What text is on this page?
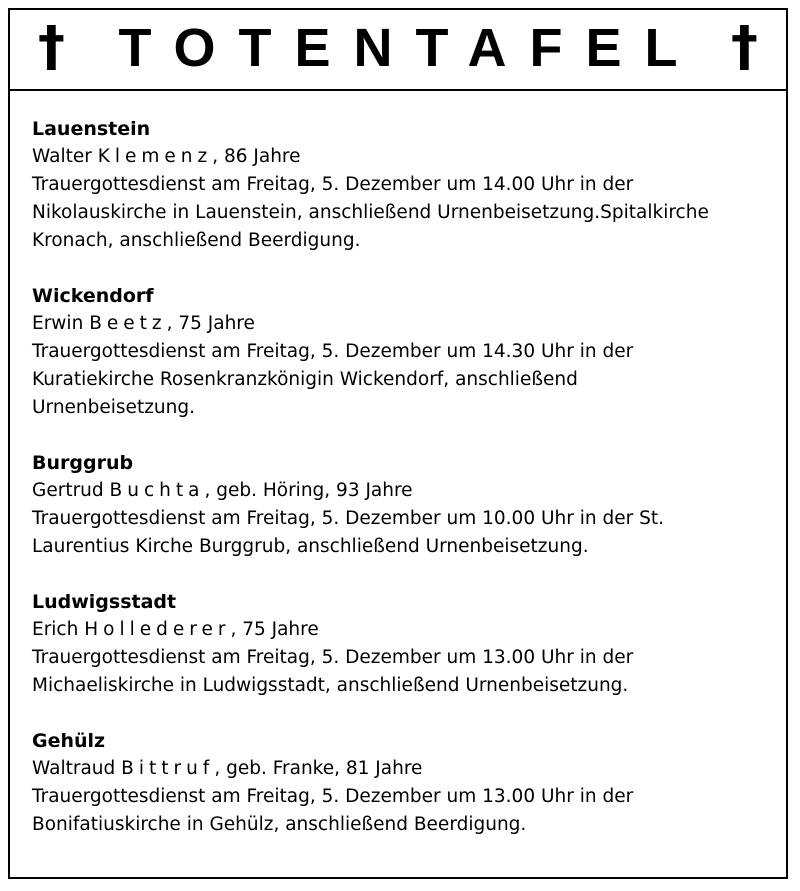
† TOTENTAFEL †
Lauenstein
Walter Klemenz, 86 Jahre
Trauergottesdienst am Freitag, 5. Dezember um 14.00 Uhr in der
Nikolauskirche in Lauenstein, anschließend Urnenbeisetzung.Spitalkirche
Kronach, anschließend Beerdigung.
Wickendorf
Erwin Beetz, 75 Jahre
Trauergottesdienst am Freitag, 5. Dezember um 14.30 Uhr in der
Kuratiekirche Rosenkranzkönigin Wickendorf, anschließend
Urnenbeisetzung.
Burggrub
Gertrud Buchta, geb. Höring, 93 Jahre
Trauergottesdienst am Freitag, 5. Dezember um 10.00 Uhr in der St.
Laurentius Kirche Burggrub, anschließend Urnenbeisetzung.
Ludwigsstadt
Erich Hollederer, 75 Jahre
Trauergottesdienst am Freitag, 5. Dezember um 13.00 Uhr in der
Michaeliskirche in Ludwigsstadt, anschließend Urnenbeisetzung.
Gehülz
Waltraud Bittruf, geb. Franke, 81 Jahre
Trauergottesdienst am Freitag, 5. Dezember um 13.00 Uhr in der
Bonifatiuskirche in Gehülz, anschließend Beerdigung.
